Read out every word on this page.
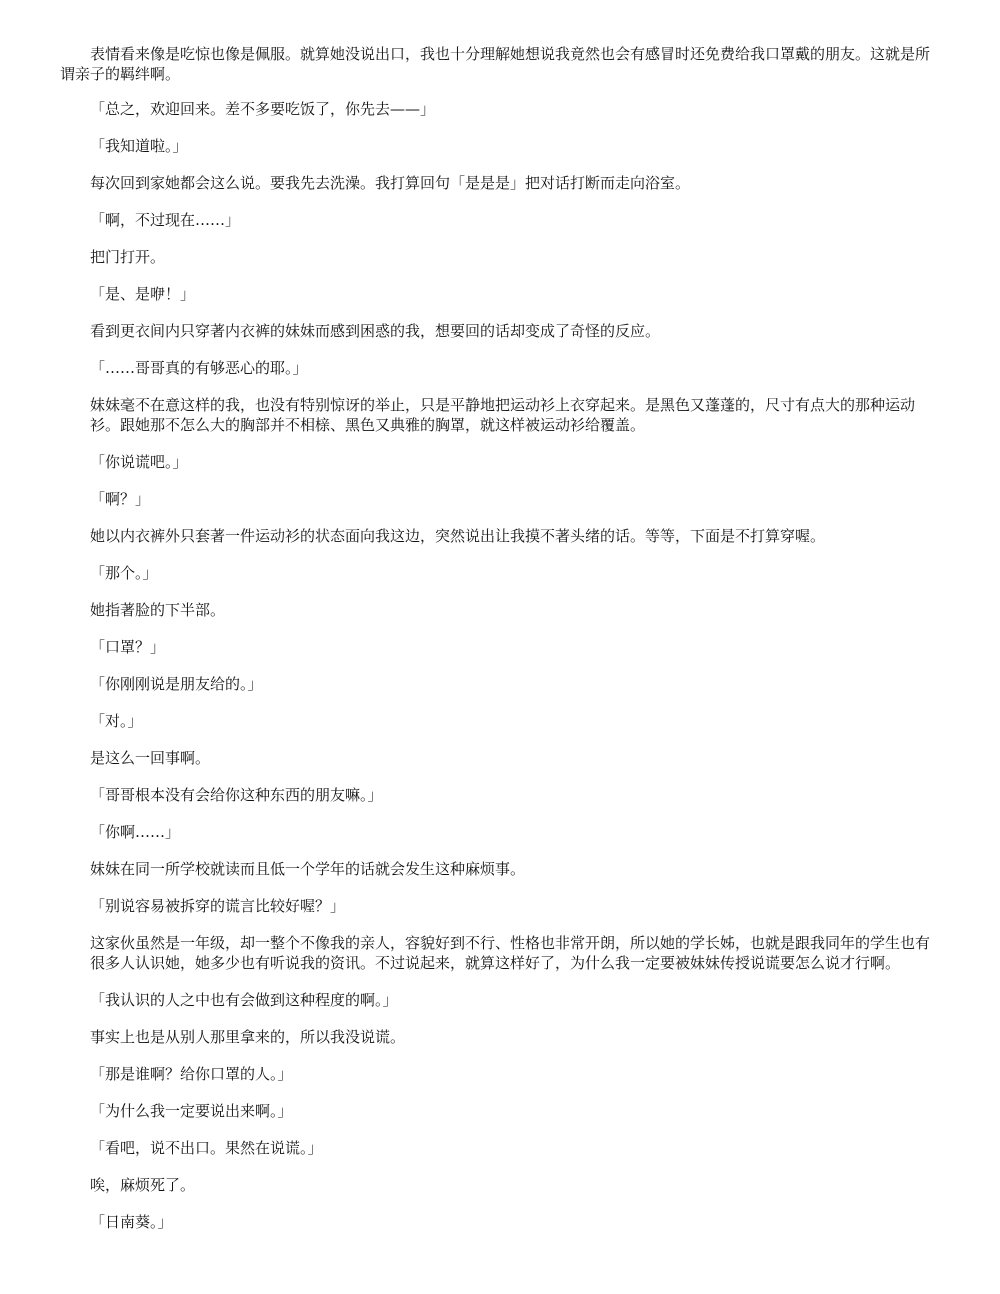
表情看来像是吃惊也像是佩服。就算她没说出口，我也十分理解她想说我竟然也会有感冒时还免费给我口罩戴的朋友。这就是所谓亲子的羁绊啊。

「总之，欢迎回来。差不多要吃饭了，你先去——」

「我知道啦。」

每次回到家她都会这么说。要我先去洗澡。我打算回句「是是是」把对话打断而走向浴室。

「啊，不过现在……」

把门打开。

「是、是咿！」

看到更衣间内只穿著内衣裤的妹妹而感到困惑的我，想要回的话却变成了奇怪的反应。

「……哥哥真的有够恶心的耶。」

妹妹毫不在意这样的我，也没有特别惊讶的举止，只是平静地把运动衫上衣穿起来。是黑色又蓬蓬的，尺寸有点大的那种运动衫。跟她那不怎么大的胸部并不相榇、黑色又典雅的胸罩，就这样被运动衫给覆盖。

「你说谎吧。」

「啊？」

她以内衣裤外只套著一件运动衫的状态面向我这边，突然说出让我摸不著头绪的话。等等，下面是不打算穿喔。

「那个。」

她指著脸的下半部。

「口罩？」

「你刚刚说是朋友给的。」

「对。」

是这么一回事啊。

「哥哥根本没有会给你这种东西的朋友嘛。」

「你啊……」

妹妹在同一所学校就读而且低一个学年的话就会发生这种麻烦事。

「别说容易被拆穿的谎言比较好喔？」

这家伙虽然是一年级，却一整个不像我的亲人，容貌好到不行、性格也非常开朗，所以她的学长姊，也就是跟我同年的学生也有很多人认识她，她多少也有听说我的资讯。不过说起来，就算这样好了，为什么我一定要被妹妹传授说谎要怎么说才行啊。

「我认识的人之中也有会做到这种程度的啊。」

事实上也是从别人那里拿来的，所以我没说谎。

「那是谁啊？给你口罩的人。」

「为什么我一定要说出来啊。」

「看吧，说不出口。果然在说谎。」

唉，麻烦死了。

「日南葵。」
